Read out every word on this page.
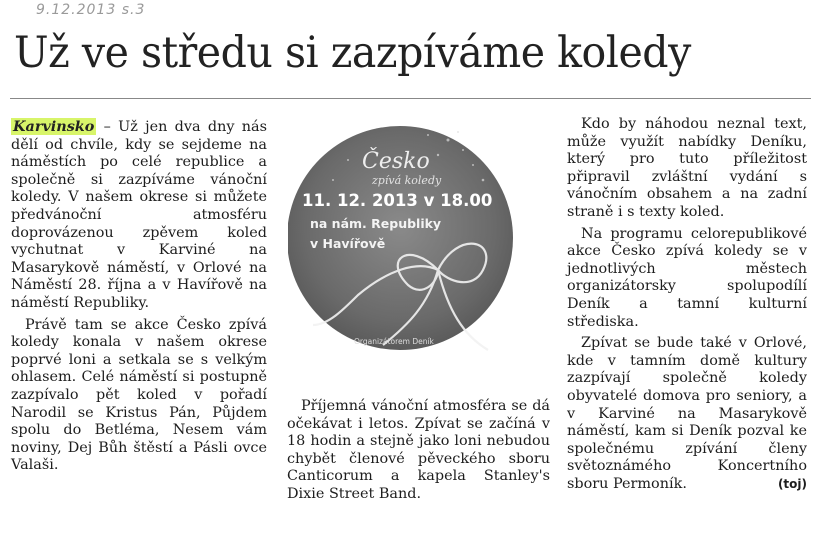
9.12.2013 s.3
Už ve středu si zazpíváme koledy

Karvinsko – Už jen dva dny nás dělí od chvíle, kdy se sejdeme na náměstích po celé republice a společně si zazpíváme vánoční koledy. V našem okrese si můžete předvánoční atmosféru doprovázenou zpěvem koled vychutnat v Karviné na Masarykově náměstí, v Orlové na Náměstí 28. října a v Havířově na náměstí Republiky.

Právě tam se akce Česko zpívá koledy konala v našem okrese poprvé loni a setkala se s velkým ohlasem. Celé náměstí si postupně zazpívalo pět koled v pořadí Narodil se Kristus Pán, Půjdem spolu do Betléma, Nesem vám noviny, Dej Bůh štěstí a Pásli ovce Valaši.

Česko
zpívá koledy
11. 12. 2013 v 18.00
na nám. Republiky
v Havířově
Organizátorem Deník

Příjemná vánoční atmosféra se dá očekávat i letos. Zpívat se začíná v 18 hodin a stejně jako loni nebudou chybět členové pěveckého sboru Canticorum a kapela Stanley's Dixie Street Band.

Kdo by náhodou neznal text, může využít nabídky Deníku, který pro tuto příležitost připravil zvláštní vydání s vánočním obsahem a na zadní straně i s texty koled.

Na programu celorepublikové akce Česko zpívá koledy se v jednotlivých městech organizátorsky spolupodílí Deník a tamní kulturní střediska.

Zpívat se bude také v Orlové, kde v tamním domě kultury zazpívají společně koledy obyvatelé domova pro seniory, a v Karviné na Masarykově náměstí, kam si Deník pozval ke společnému zpívání členy světoznámého Koncertního sboru Permoník.	(toj)
